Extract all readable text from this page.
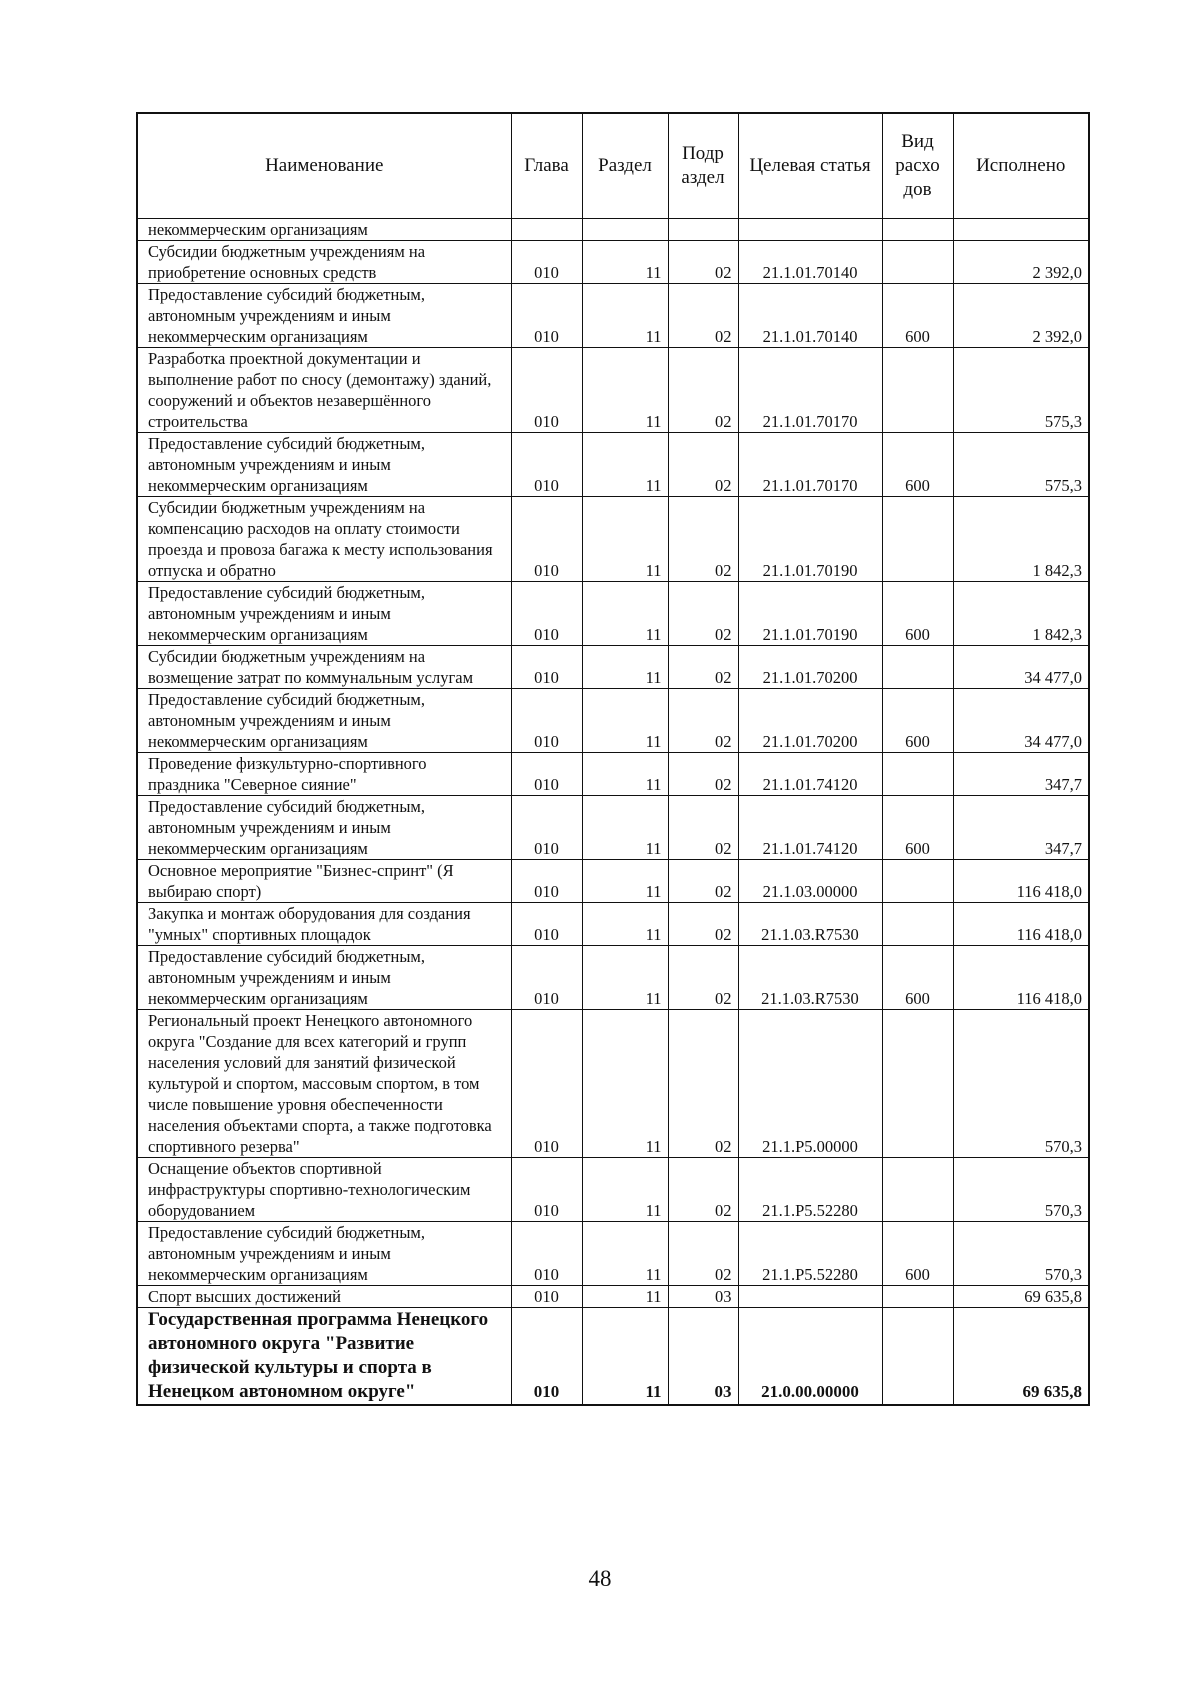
Наименование	Глава	Раздел	Подр аздел	Целевая статья	Вид расхо дов	Исполнено
некоммерческим организациям						
Субсидии бюджетным учреждениям на приобретение основных средств	010	11	02	21.1.01.70140		2 392,0
Предоставление субсидий бюджетным, автономным учреждениям и иным некоммерческим организациям	010	11	02	21.1.01.70140	600	2 392,0
Разработка проектной документации и выполнение работ по сносу (демонтажу) зданий, сооружений и объектов незавершённого строительства	010	11	02	21.1.01.70170		575,3
Предоставление субсидий бюджетным, автономным учреждениям и иным некоммерческим организациям	010	11	02	21.1.01.70170	600	575,3
Субсидии бюджетным учреждениям на компенсацию расходов на оплату стоимости проезда и провоза багажа к месту использования отпуска и обратно	010	11	02	21.1.01.70190		1 842,3
Предоставление субсидий бюджетным, автономным учреждениям и иным некоммерческим организациям	010	11	02	21.1.01.70190	600	1 842,3
Субсидии бюджетным учреждениям на возмещение затрат по коммунальным услугам	010	11	02	21.1.01.70200		34 477,0
Предоставление субсидий бюджетным, автономным учреждениям и иным некоммерческим организациям	010	11	02	21.1.01.70200	600	34 477,0
Проведение физкультурно-спортивного праздника "Северное сияние"	010	11	02	21.1.01.74120		347,7
Предоставление субсидий бюджетным, автономным учреждениям и иным некоммерческим организациям	010	11	02	21.1.01.74120	600	347,7
Основное мероприятие "Бизнес-спринт" (Я выбираю спорт)	010	11	02	21.1.03.00000		116 418,0
Закупка и монтаж оборудования для создания "умных" спортивных площадок	010	11	02	21.1.03.R7530		116 418,0
Предоставление субсидий бюджетным, автономным учреждениям и иным некоммерческим организациям	010	11	02	21.1.03.R7530	600	116 418,0
Региональный проект Ненецкого автономного округа "Создание для всех категорий и групп населения условий для занятий физической культурой и спортом, массовым спортом, в том числе повышение уровня обеспеченности населения объектами спорта, а также подготовка спортивного резерва"	010	11	02	21.1.P5.00000		570,3
Оснащение объектов спортивной инфраструктуры спортивно-технологическим оборудованием	010	11	02	21.1.P5.52280		570,3
Предоставление субсидий бюджетным, автономным учреждениям и иным некоммерческим организациям	010	11	02	21.1.P5.52280	600	570,3
Спорт высших достижений	010	11	03			69 635,8
Государственная программа Ненецкого автономного округа "Развитие физической культуры и спорта в Ненецком автономном округе"	010	11	03	21.0.00.00000		69 635,8
48
